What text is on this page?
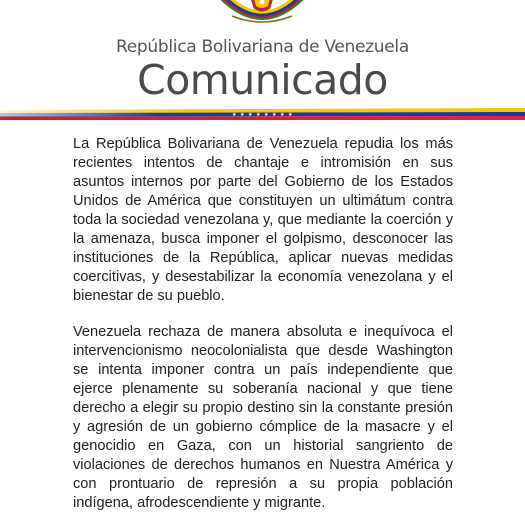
República Bolivariana de Venezuela
Comunicado
★ ★ ★ ★ ★ ★ ★ ★

La República Bolivariana de Venezuela repudia los más recientes intentos de chantaje e intromisión en sus asuntos internos por parte del Gobierno de los Estados Unidos de América que constituyen un ultimátum contra toda la sociedad venezolana y, que mediante la coerción y la amenaza, busca imponer el golpismo, desconocer las instituciones de la República, aplicar nuevas medidas coercitivas, y desestabilizar la economía venezolana y el bienestar de su pueblo.

Venezuela rechaza de manera absoluta e inequívoca el intervencionismo neocolonialista que desde Washington se intenta imponer contra un país independiente que ejerce plenamente su soberanía nacional y que tiene derecho a elegir su propio destino sin la constante presión y agresión de un gobierno cómplice de la masacre y el genocidio en Gaza, con un historial sangriento de violaciones de derechos humanos en Nuestra América y con prontuario de represión a su propia población indígena, afrodescendiente y migrante.
